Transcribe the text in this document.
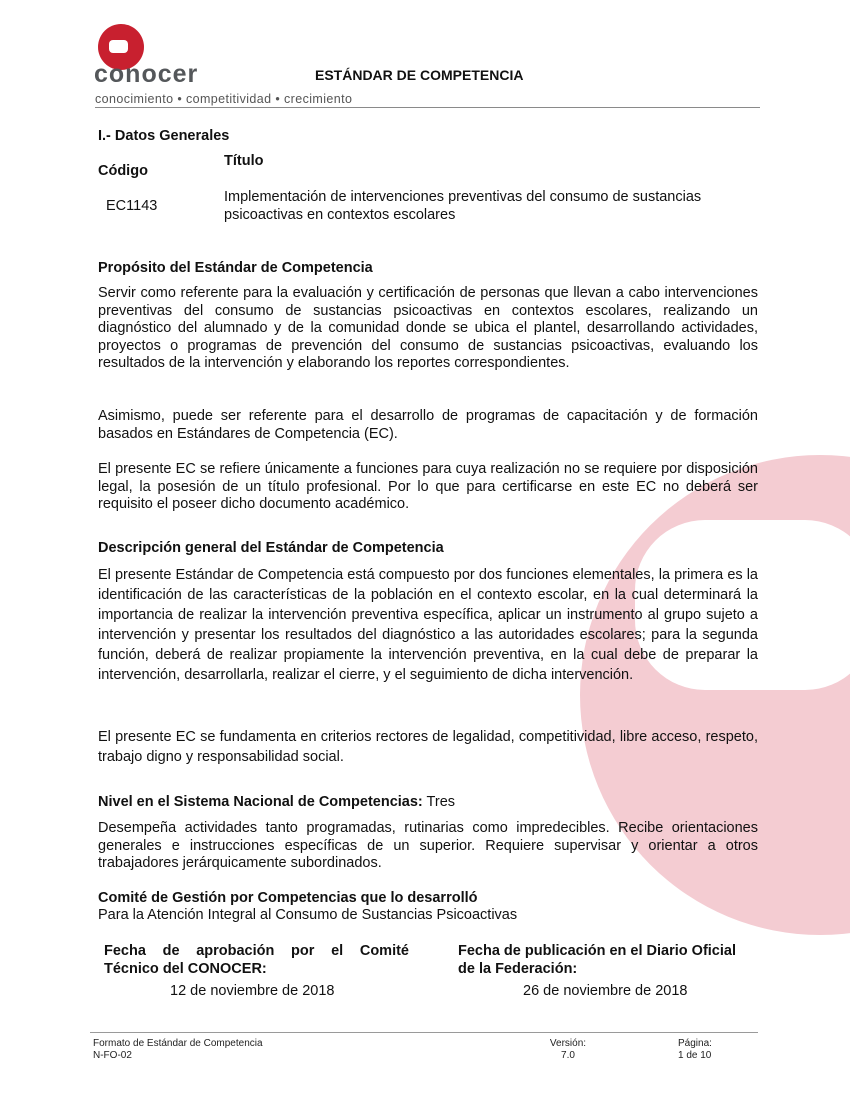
conocer
conocimiento • competitividad • crecimiento
ESTÁNDAR DE COMPETENCIA
I.- Datos Generales
Código
Título
EC1143
Implementación de intervenciones preventivas del consumo de sustancias
psicoactivas en contextos escolares
Propósito del Estándar de Competencia
Servir como referente para la evaluación y certificación de personas que llevan a cabo intervenciones preventivas del consumo de sustancias psicoactivas en contextos escolares, realizando un diagnóstico del alumnado y de la comunidad donde se ubica el plantel, desarrollando actividades, proyectos o programas de prevención del consumo de sustancias psicoactivas, evaluando los resultados de la intervención y elaborando los reportes correspondientes.
Asimismo, puede ser referente para el desarrollo de programas de capacitación y de formación basados en Estándares de Competencia (EC).
El presente EC se refiere únicamente a funciones para cuya realización no se requiere por disposición legal, la posesión de un título profesional. Por lo que para certificarse en este EC no deberá ser requisito el poseer dicho documento académico.
Descripción general del Estándar de Competencia
El presente Estándar de Competencia está compuesto por dos funciones elementales, la primera es la identificación de las características de la población en el contexto escolar, en la cual determinará la importancia de realizar la intervención preventiva específica, aplicar un instrumento al grupo sujeto a intervención y presentar los resultados del diagnóstico a las autoridades escolares; para la segunda función, deberá de realizar propiamente la intervención preventiva, en la cual debe de preparar la intervención, desarrollarla, realizar el cierre, y el seguimiento de dicha intervención.
El presente EC se fundamenta en criterios rectores de legalidad, competitividad, libre acceso, respeto, trabajo digno y responsabilidad social.
Nivel en el Sistema Nacional de Competencias: Tres
Desempeña actividades tanto programadas, rutinarias como impredecibles. Recibe orientaciones generales e instrucciones específicas de un superior. Requiere supervisar y orientar a otros trabajadores jerárquicamente subordinados.
Comité de Gestión por Competencias que lo desarrolló
Para la Atención Integral al Consumo de Sustancias Psicoactivas
Fecha de aprobación por el Comité
Técnico del CONOCER:
12 de noviembre de 2018
Fecha de publicación en el Diario Oficial
de la Federación:
26 de noviembre de 2018
Formato de Estándar de Competencia
N-FO-02
Versión:
7.0
Página:
1 de 10
